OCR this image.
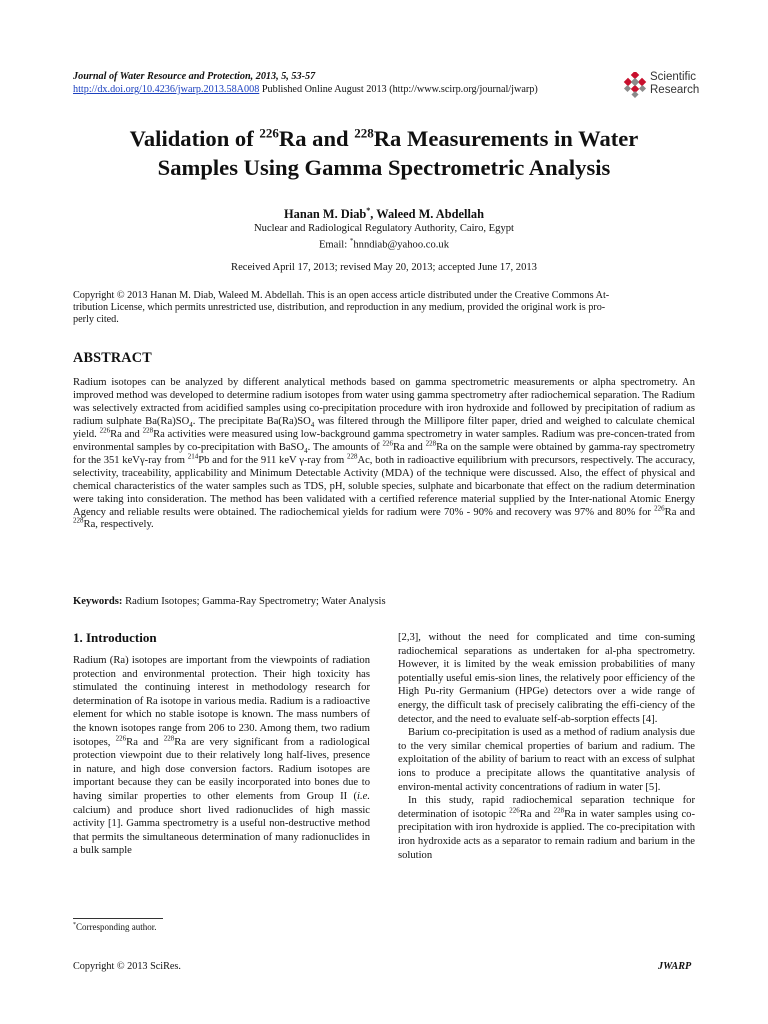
Journal of Water Resource and Protection, 2013, 5, 53-57
http://dx.doi.org/10.4236/jwarp.2013.58A008 Published Online August 2013 (http://www.scirp.org/journal/jwarp)
Scientific
Research
Validation of $^{226}$Ra and $^{228}$Ra Measurements in Water
Samples Using Gamma Spectrometric Analysis
Hanan M. Diab*, Waleed M. Abdellah
Nuclear and Radiological Regulatory Authority, Cairo, Egypt
Email: *hnndiab@yahoo.co.uk
Received April 17, 2013; revised May 20, 2013; accepted June 17, 2013
Copyright © 2013 Hanan M. Diab, Waleed M. Abdellah. This is an open access article distributed under the Creative Commons At-
tribution License, which permits unrestricted use, distribution, and reproduction in any medium, provided the original work is pro-
perly cited.
ABSTRACT
Radium isotopes can be analyzed by different analytical methods based on gamma spectrometric measurements or alpha spectrometry. An improved method was developed to determine radium isotopes from water using gamma spectrometry after radiochemical separation. The Radium was selectively extracted from acidified samples using co-precipitation procedure with iron hydroxide and followed by precipitation of radium as radium sulphate $Ba(Ra)SO_4$. The precipitate $Ba(Ra)SO_4$ was filtered through the Millipore filter paper, dried and weighed to calculate chemical yield. $^{226}$Ra and $^{228}$Ra activities were measured using low-background gamma spectrometry in water samples. Radium was pre-concen-trated from environmental samples by co-precipitation with BaSO$_4$. The amounts of $^{226}$Ra and $^{228}$Ra on the sample were obtained by gamma-ray spectrometry for the 351 keVγ-ray from $^{214}$Pb and for the 911 keV γ-ray from $^{228}$Ac, both in radioactive equilibrium with precursors, respectively. The accuracy, selectivity, traceability, applicability and Minimum Detectable Activity (MDA) of the technique were discussed. Also, the effect of physical and chemical characteristics of the water samples such as TDS, pH, soluble species, sulphate and bicarbonate that effect on the radium determination were taking into consideration. The method has been validated with a certified reference material supplied by the Inter-national Atomic Energy Agency and reliable results were obtained. The radiochemical yields for radium were 70% - 90% and recovery was 97% and 80% for $^{226}$Ra and $^{228}$Ra, respectively.
Keywords: Radium Isotopes; Gamma-Ray Spectrometry; Water Analysis
1. Introduction
Radium (Ra) isotopes are important from the viewpoints of radiation protection and environmental protection. Their high toxicity has stimulated the continuing interest in methodology research for determination of Ra isotope in various media. Radium is a radioactive element for which no stable isotope is known. The mass numbers of the known isotopes range from 206 to 230. Among them, two radium isotopes, $^{226}$Ra and $^{228}$Ra are very significant from a radiological protection viewpoint due to their relatively long half-lives, presence in nature, and high dose conversion factors. Radium isotopes are important because they can be easily incorporated into bones due to having similar properties to other elements from Group II (i.e. calcium) and produce short lived radionuclides of high massic activity [1]. Gamma spectrometry is a useful non-destructive method that permits the simultaneous determination of many radionuclides in a bulk sample
*Corresponding author.

[2,3], without the need for complicated and time con-suming radiochemical separations as undertaken for al-pha spectrometry. However, it is limited by the weak emission probabilities of many potentially useful emis-sion lines, the relatively poor efficiency of the High Pu-rity Germanium (HPGe) detectors over a wide range of energy, the difficult task of precisely calibrating the effi-ciency of the detector, and the need to evaluate self-ab-sorption effects [4].

Barium co-precipitation is used as a method of radium analysis due to the very similar chemical properties of barium and radium. The exploitation of the ability of barium to react with an excess of sulphat ions to produce a precipitate allows the quantitative analysis of environ-mental activity concentrations of radium in water [5].

In this study, rapid radiochemical separation technique for determination of isotopic $^{226}$Ra and $^{228}$Ra in water samples using co-precipitation with iron hydroxide is applied. The co-precipitation with iron hydroxide acts as a separator to remain radium and barium in the solution

Copyright © 2013 SciRes.	JWARP
